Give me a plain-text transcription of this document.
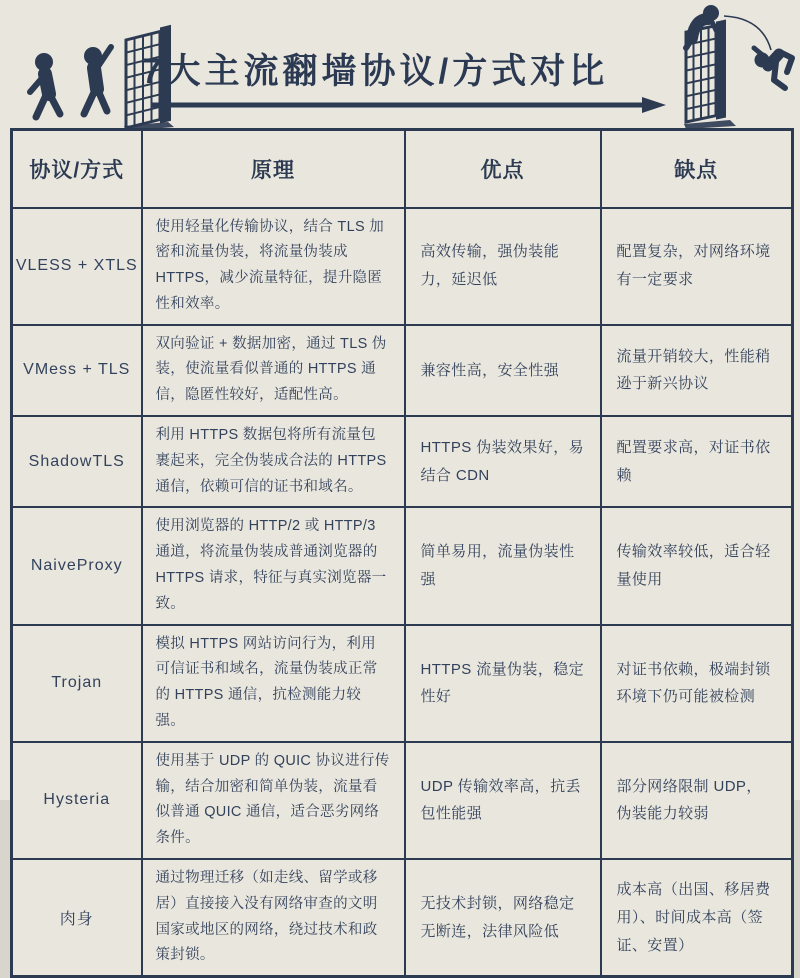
7大主流翻墙协议/方式对比
协议/方式	原理	优点	缺点
VLESS + XTLS	使用轻量化传输协议，结合 TLS 加密和流量伪装，将流量伪装成 HTTPS，减少流量特征，提升隐匿性和效率。	高效传输，强伪装能力，延迟低	配置复杂，对网络环境有一定要求
VMess + TLS	双向验证 + 数据加密，通过 TLS 伪装，使流量看似普通的 HTTPS 通信，隐匿性较好，适配性高。	兼容性高，安全性强	流量开销较大，性能稍逊于新兴协议
ShadowTLS	利用 HTTPS 数据包将所有流量包裹起来，完全伪装成合法的 HTTPS 通信，依赖可信的证书和域名。	HTTPS 伪装效果好，易结合 CDN	配置要求高，对证书依赖
NaiveProxy	使用浏览器的 HTTP/2 或 HTTP/3 通道，将流量伪装成普通浏览器的 HTTPS 请求，特征与真实浏览器一致。	简单易用，流量伪装性强	传输效率较低，适合轻量使用
Trojan	模拟 HTTPS 网站访问行为，利用可信证书和域名，流量伪装成正常的 HTTPS 通信，抗检测能力较强。	HTTPS 流量伪装，稳定性好	对证书依赖，极端封锁环境下仍可能被检测
Hysteria	使用基于 UDP 的 QUIC 协议进行传输，结合加密和简单伪装，流量看似普通 QUIC 通信，适合恶劣网络条件。	UDP 传输效率高，抗丢包性能强	部分网络限制 UDP，伪装能力较弱
肉身	通过物理迁移（如走线、留学或移居）直接接入没有网络审查的文明国家或地区的网络，绕过技术和政策封锁。	无技术封锁，网络稳定无断连，法律风险低	成本高（出国、移居费用）、时间成本高（签证、安置）
